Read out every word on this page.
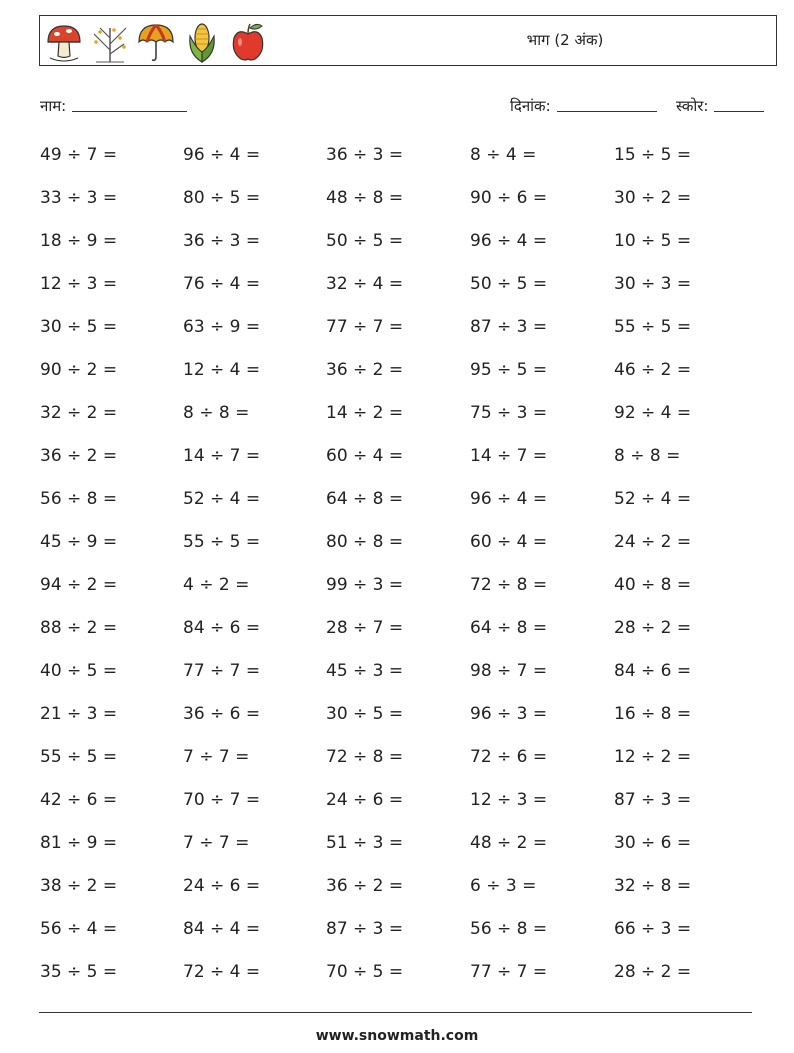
भाग (2 अंक)
नाम:	दिनांक:	स्कोर:
49 ÷ 7 =	96 ÷ 4 =	36 ÷ 3 =	8 ÷ 4 =	15 ÷ 5 =
33 ÷ 3 =	80 ÷ 5 =	48 ÷ 8 =	90 ÷ 6 =	30 ÷ 2 =
18 ÷ 9 =	36 ÷ 3 =	50 ÷ 5 =	96 ÷ 4 =	10 ÷ 5 =
12 ÷ 3 =	76 ÷ 4 =	32 ÷ 4 =	50 ÷ 5 =	30 ÷ 3 =
30 ÷ 5 =	63 ÷ 9 =	77 ÷ 7 =	87 ÷ 3 =	55 ÷ 5 =
90 ÷ 2 =	12 ÷ 4 =	36 ÷ 2 =	95 ÷ 5 =	46 ÷ 2 =
32 ÷ 2 =	8 ÷ 8 =	14 ÷ 2 =	75 ÷ 3 =	92 ÷ 4 =
36 ÷ 2 =	14 ÷ 7 =	60 ÷ 4 =	14 ÷ 7 =	8 ÷ 8 =
56 ÷ 8 =	52 ÷ 4 =	64 ÷ 8 =	96 ÷ 4 =	52 ÷ 4 =
45 ÷ 9 =	55 ÷ 5 =	80 ÷ 8 =	60 ÷ 4 =	24 ÷ 2 =
94 ÷ 2 =	4 ÷ 2 =	99 ÷ 3 =	72 ÷ 8 =	40 ÷ 8 =
88 ÷ 2 =	84 ÷ 6 =	28 ÷ 7 =	64 ÷ 8 =	28 ÷ 2 =
40 ÷ 5 =	77 ÷ 7 =	45 ÷ 3 =	98 ÷ 7 =	84 ÷ 6 =
21 ÷ 3 =	36 ÷ 6 =	30 ÷ 5 =	96 ÷ 3 =	16 ÷ 8 =
55 ÷ 5 =	7 ÷ 7 =	72 ÷ 8 =	72 ÷ 6 =	12 ÷ 2 =
42 ÷ 6 =	70 ÷ 7 =	24 ÷ 6 =	12 ÷ 3 =	87 ÷ 3 =
81 ÷ 9 =	7 ÷ 7 =	51 ÷ 3 =	48 ÷ 2 =	30 ÷ 6 =
38 ÷ 2 =	24 ÷ 6 =	36 ÷ 2 =	6 ÷ 3 =	32 ÷ 8 =
56 ÷ 4 =	84 ÷ 4 =	87 ÷ 3 =	56 ÷ 8 =	66 ÷ 3 =
35 ÷ 5 =	72 ÷ 4 =	70 ÷ 5 =	77 ÷ 7 =	28 ÷ 2 =
www.snowmath.com
